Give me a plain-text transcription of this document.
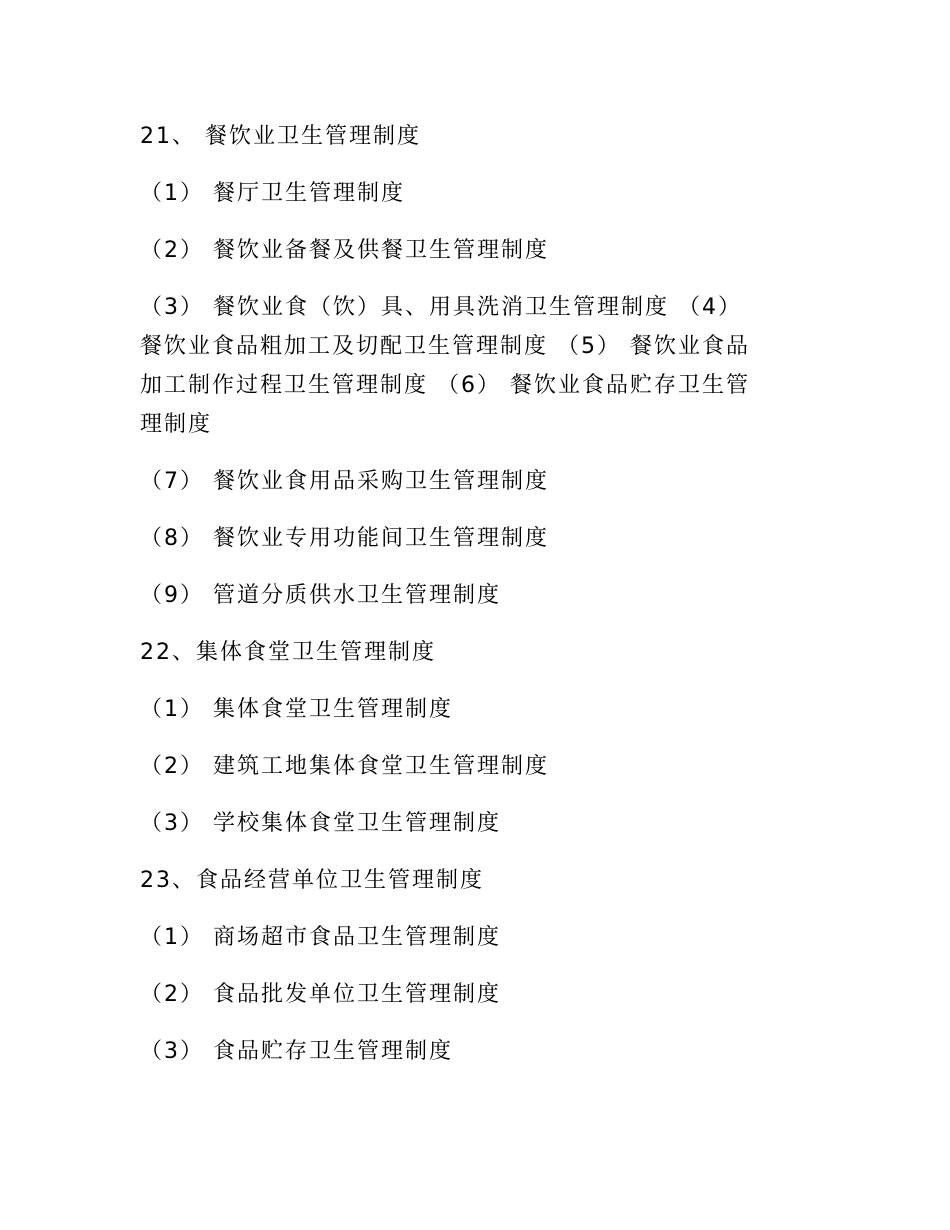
21、 餐饮业卫生管理制度
（1） 餐厅卫生管理制度
（2） 餐饮业备餐及供餐卫生管理制度
（3） 餐饮业食（饮）具、用具洗消卫生管理制度 （4）
餐饮业食品粗加工及切配卫生管理制度 （5） 餐饮业食品
加工制作过程卫生管理制度 （6） 餐饮业食品贮存卫生管
理制度
（7） 餐饮业食用品采购卫生管理制度
（8） 餐饮业专用功能间卫生管理制度
（9） 管道分质供水卫生管理制度
22、集体食堂卫生管理制度
（1） 集体食堂卫生管理制度
（2） 建筑工地集体食堂卫生管理制度
（3） 学校集体食堂卫生管理制度
23、食品经营单位卫生管理制度
（1） 商场超市食品卫生管理制度
（2） 食品批发单位卫生管理制度
（3） 食品贮存卫生管理制度
